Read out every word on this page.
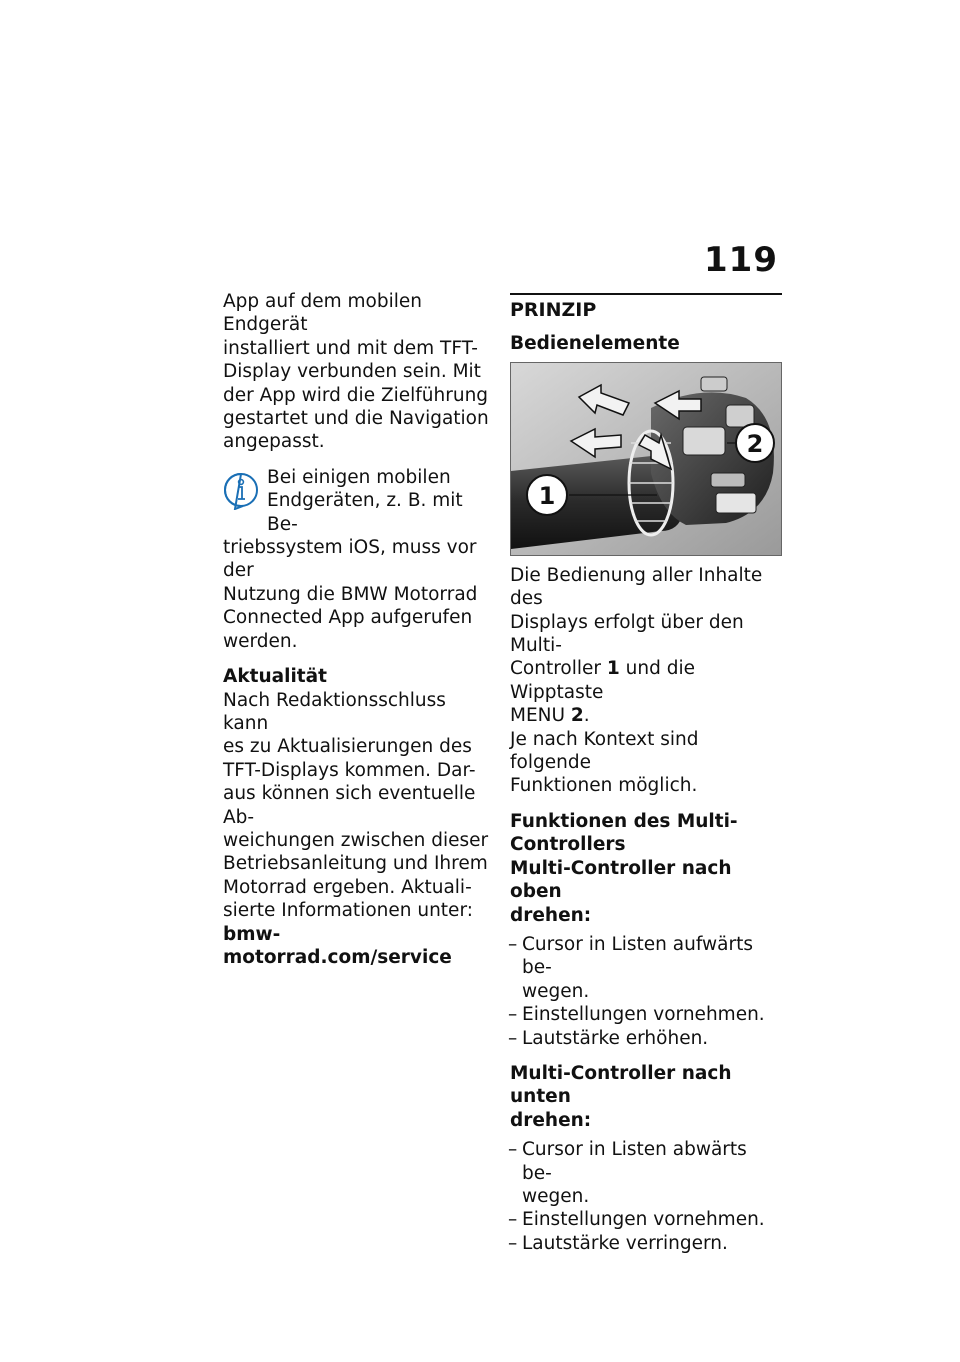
119

App auf dem mobilen Endgerät

installiert und mit dem TFT-

Display verbunden sein. Mit

der App wird die Zielführung

gestartet und die Navigation

angepasst.

Bei einigen mobilen

Endgeräten, z. B. mit Be-

triebssystem iOS, muss vor der

Nutzung die BMW Motorrad

Connected App aufgerufen

werden.

Aktualität

Nach Redaktionsschluss kann

es zu Aktualisierungen des

TFT-Displays kommen. Dar-

aus können sich eventuelle Ab-

weichungen zwischen dieser

Betriebsanleitung und Ihrem

Motorrad ergeben. Aktuali-

sierte Informationen unter:

bmw-motorrad.com/service

PRINZIP

Bedienelemente

1
2

Die Bedienung aller Inhalte des

Displays erfolgt über den Multi-

Controller 1 und die Wipptaste

MENU 2.

Je nach Kontext sind folgende

Funktionen möglich.

Funktionen des Multi-

Controllers

Multi-Controller nach oben

drehen:

– Cursor in Listen aufwärts be-
wegen.
– Einstellungen vornehmen.
– Lautstärke erhöhen.

Multi-Controller nach unten

drehen:

– Cursor in Listen abwärts be-
wegen.
– Einstellungen vornehmen.
– Lautstärke verringern.
